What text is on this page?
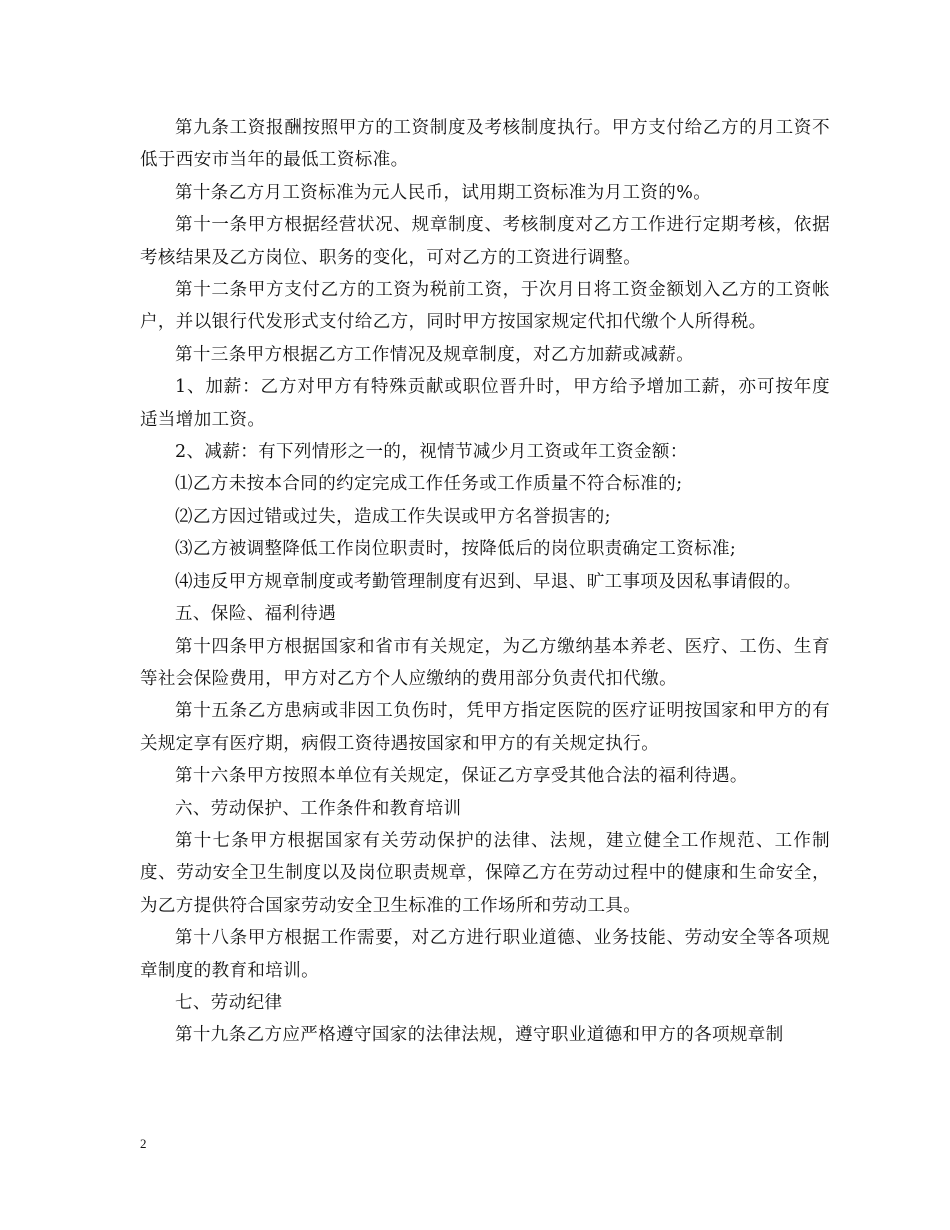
第九条工资报酬按照甲方的工资制度及考核制度执行。甲方支付给乙方的月工资不低于西安市当年的最低工资标准。

第十条乙方月工资标准为元人民币，试用期工资标准为月工资的%。

第十一条甲方根据经营状况、规章制度、考核制度对乙方工作进行定期考核，依据考核结果及乙方岗位、职务的变化，可对乙方的工资进行调整。

第十二条甲方支付乙方的工资为税前工资，于次月日将工资金额划入乙方的工资帐户，并以银行代发形式支付给乙方，同时甲方按国家规定代扣代缴个人所得税。

第十三条甲方根据乙方工作情况及规章制度，对乙方加薪或减薪。

1、加薪：乙方对甲方有特殊贡献或职位晋升时，甲方给予增加工薪，亦可按年度适当增加工资。

2、减薪：有下列情形之一的，视情节减少月工资或年工资金额：

⑴乙方未按本合同的约定完成工作任务或工作质量不符合标准的;

⑵乙方因过错或过失，造成工作失误或甲方名誉损害的;

⑶乙方被调整降低工作岗位职责时，按降低后的岗位职责确定工资标准;

⑷违反甲方规章制度或考勤管理制度有迟到、早退、旷工事项及因私事请假的。

五、保险、福利待遇

第十四条甲方根据国家和省市有关规定，为乙方缴纳基本养老、医疗、工伤、生育等社会保险费用，甲方对乙方个人应缴纳的费用部分负责代扣代缴。

第十五条乙方患病或非因工负伤时，凭甲方指定医院的医疗证明按国家和甲方的有关规定享有医疗期，病假工资待遇按国家和甲方的有关规定执行。

第十六条甲方按照本单位有关规定，保证乙方享受其他合法的福利待遇。

六、劳动保护、工作条件和教育培训

第十七条甲方根据国家有关劳动保护的法律、法规，建立健全工作规范、工作制度、劳动安全卫生制度以及岗位职责规章，保障乙方在劳动过程中的健康和生命安全，为乙方提供符合国家劳动安全卫生标准的工作场所和劳动工具。

第十八条甲方根据工作需要，对乙方进行职业道德、业务技能、劳动安全等各项规章制度的教育和培训。

七、劳动纪律

第十九条乙方应严格遵守国家的法律法规，遵守职业道德和甲方的各项规章制

2
